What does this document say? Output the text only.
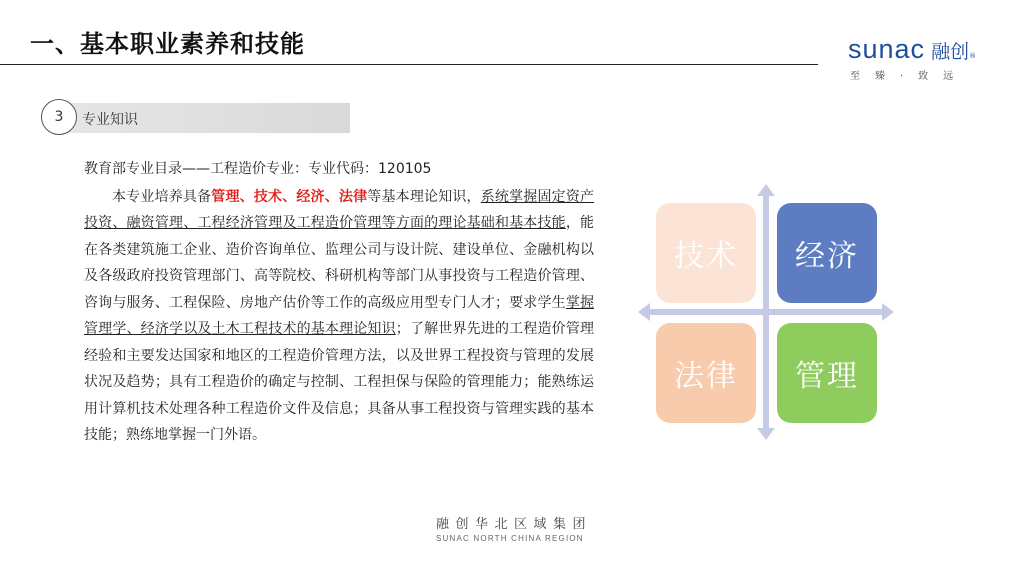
一、基本职业素养和技能	sunac 融创 ®
至臻·致远
专业知识
3

教育部专业目录——工程造价专业：专业代码：120105

本专业培养具备管理、技术、经济、法律等基本理论知识，系统掌握固定资产投资、融资管理、工程经济管理及工程造价管理等方面的理论基础和基本技能，能在各类建筑施工企业、造价咨询单位、监理公司与设计院、建设单位、金融机构以及各级政府投资管理部门、高等院校、科研机构等部门从事投资与工程造价管理、咨询与服务、工程保险、房地产估价等工作的高级应用型专门人才；要求学生掌握管理学、经济学以及土木工程技术的基本理论知识；了解世界先进的工程造价管理经验和主要发达国家和地区的工程造价管理方法，以及世界工程投资与管理的发展状况及趋势；具有工程造价的确定与控制、工程担保与保险的管理能力；能熟练运用计算机技术处理各种工程造价文件及信息；具备从事工程投资与管理实践的基本技能；熟练地掌握一门外语。

技术	经济
法律	管理
融创华北区域集团
SUNAC NORTH CHINA REGION
